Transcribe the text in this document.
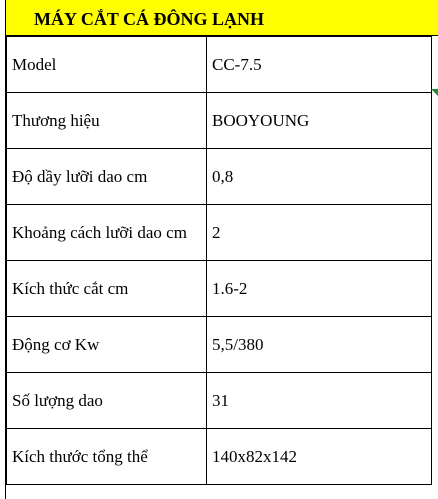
MÁY CẮT CÁ ĐÔNG LẠNH
Model	CC-7.5
Thương hiệu	BOOYOUNG
Độ dầy lưỡi dao cm	0,8
Khoảng cách lưỡi dao cm	2
Kích thức cắt cm	1.6-2
Động cơ Kw	5,5/380
Số lượng dao	31
Kích thước tổng thể	140x82x142
